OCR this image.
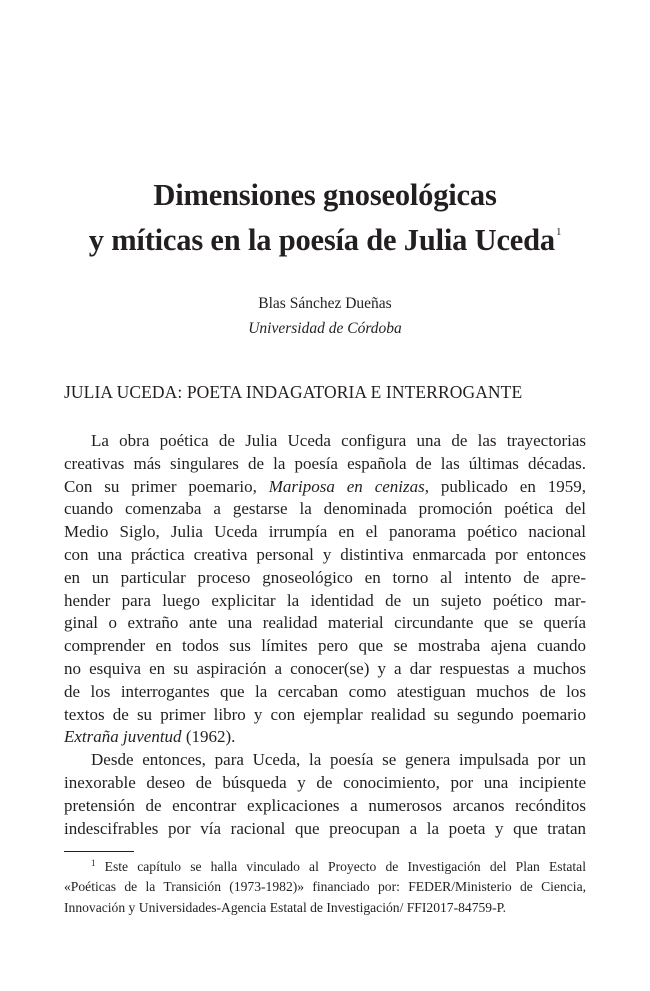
Dimensiones gnoseológicas
y míticas en la poesía de Julia Uceda$^1$
Blas Sánchez Dueñas
Universidad de Córdoba
JULIA UCEDA: POETA INDAGATORIA E INTERROGANTE
La obra poética de Julia Uceda configura una de las trayectorias
creativas más singulares de la poesía española de las últimas décadas.
Con su primer poemario, Mariposa en cenizas, publicado en 1959,
cuando comenzaba a gestarse la denominada promoción poética del
Medio Siglo, Julia Uceda irrumpía en el panorama poético nacional
con una práctica creativa personal y distintiva enmarcada por entonces
en un particular proceso gnoseológico en torno al intento de apre-
hender para luego explicitar la identidad de un sujeto poético mar-
ginal o extraño ante una realidad material circundante que se quería
comprender en todos sus límites pero que se mostraba ajena cuando
no esquiva en su aspiración a conocer(se) y a dar respuestas a muchos
de los interrogantes que la cercaban como atestiguan muchos de los
textos de su primer libro y con ejemplar realidad su segundo poemario
Extraña juventud (1962).
Desde entonces, para Uceda, la poesía se genera impulsada por un
inexorable deseo de búsqueda y de conocimiento, por una incipiente
pretensión de encontrar explicaciones a numerosos arcanos recónditos
indescifrables por vía racional que preocupan a la poeta y que tratan
$^1$ Este capítulo se halla vinculado al Proyecto de Investigación del Plan Estatal
«Poéticas de la Transición (1973-1982)» financiado por: FEDER/Ministerio de Ciencia,
Innovación y Universidades-Agencia Estatal de Investigación/ FFI2017-84759-P.
